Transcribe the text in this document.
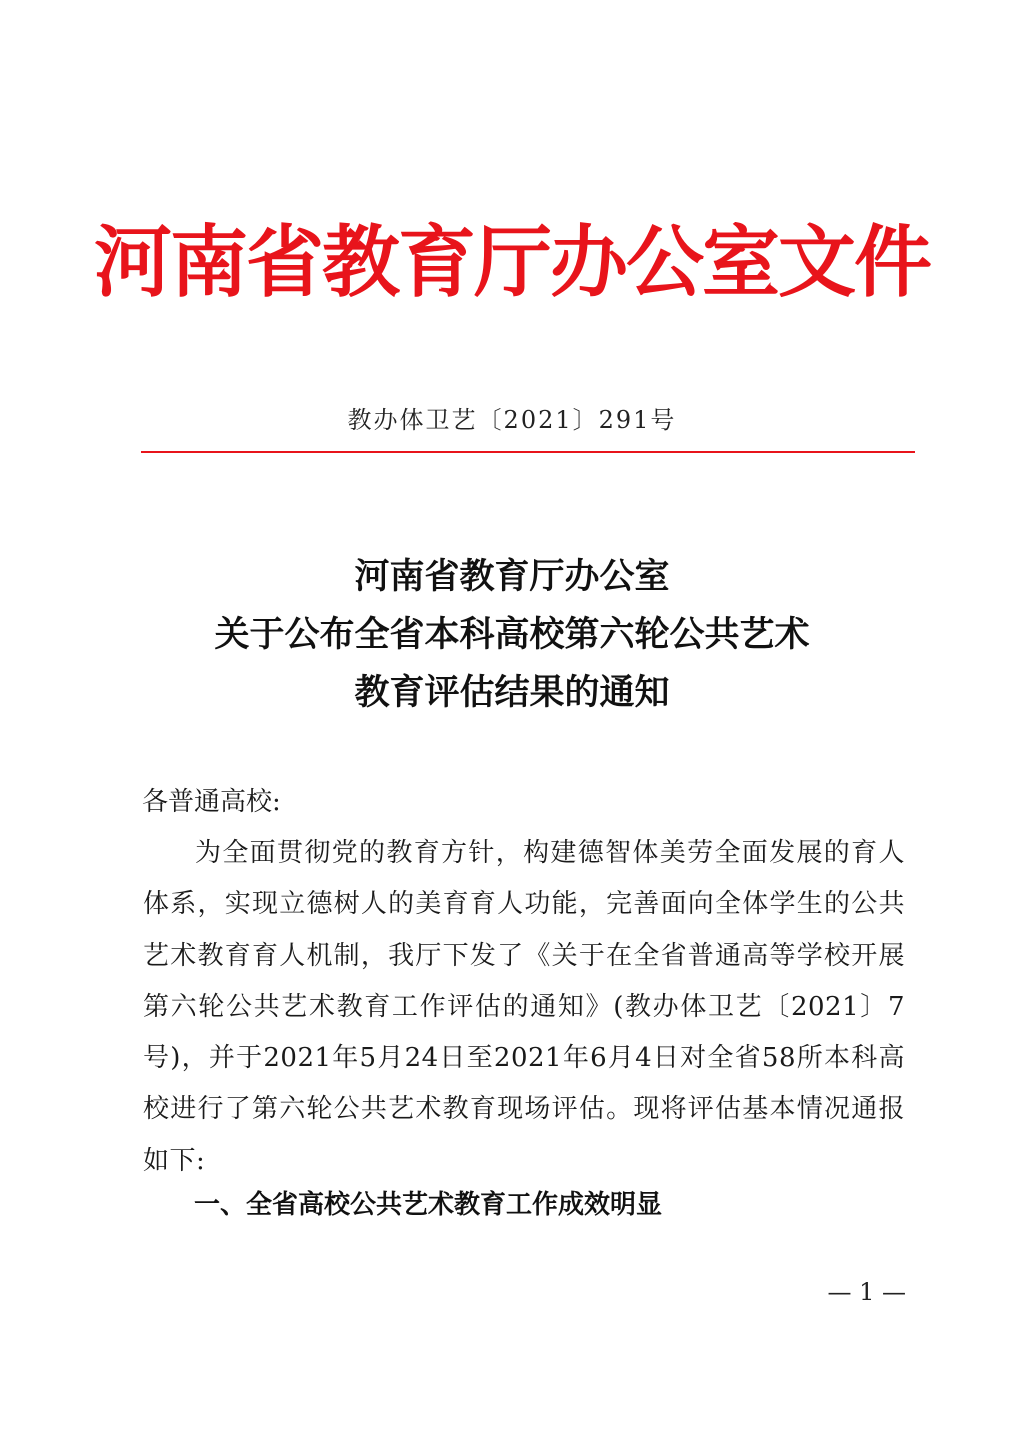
河南省教育厅办公室文件
教办体卫艺〔2021〕291号
河南省教育厅办公室
关于公布全省本科高校第六轮公共艺术
教育评估结果的通知
各普通高校:
为全面贯彻党的教育方针，构建德智体美劳全面发展的育人体系，实现立德树人的美育育人功能，完善面向全体学生的公共艺术教育育人机制，我厅下发了《关于在全省普通高等学校开展第六轮公共艺术教育工作评估的通知》(教办体卫艺〔2021〕7号)，并于2021年5月24日至2021年6月4日对全省58所本科高校进行了第六轮公共艺术教育现场评估。现将评估基本情况通报如下:
一、全省高校公共艺术教育工作成效明显
— 1 —
